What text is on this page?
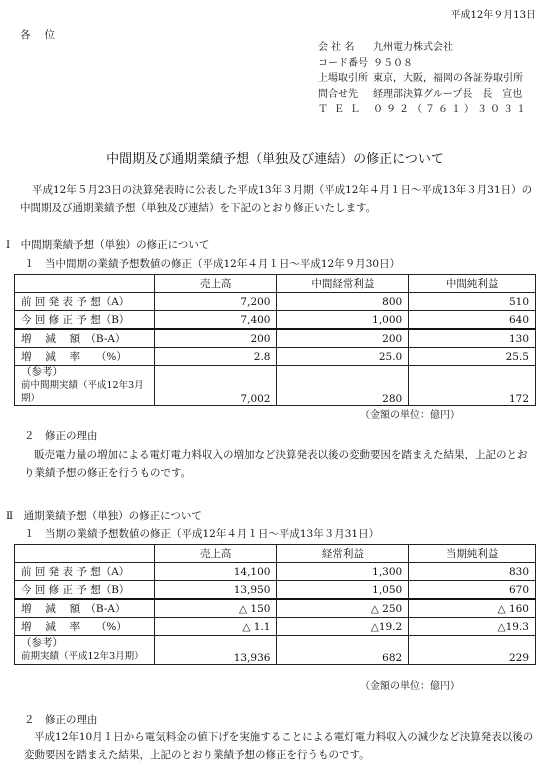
平成12年９月13日
各位
会 社 名	九州電力株式会社
コード番号 ９５０８
上場取引所 東京，大阪，福岡の各証券取引所
問合せ先	経理部決算グループ長　長　宣也
ＴＥＬ ０９２（７６１）３０３１
中間期及び通期業績予想（単独及び連結）の修正について
平成12年５月23日の決算発表時に公表した平成13年３月期（平成12年４月１日～平成13年３月31日）の中間期及び通期業績予想（単独及び連結）を下記のとおり修正いたします。
Ⅰ　中間期業績予想（単独）の修正について
１　当中間期の業績予想数値の修正（平成12年４月１日～平成12年９月30日）
	売上高	中間経常利益	中間純利益
前 回 発 表 予 想（A）	7,200	800	510
今 回 修 正 予 想（B）	7,400	1,000	640
増　 減　 額　（B-A）	200	200	130
増　 減　 率　　（%）	2.8	25.0	25.5

（参考）
前中間期実績（平成12年3月期）	7,002	280	172
（金額の単位：億円）
２　修正の理由
販売電力量の増加による電灯電力料収入の増加など決算発表以後の変動要因を踏まえた結果，上記のとおり業績予想の修正を行うものです。
Ⅱ　通期業績予想（単独）の修正について
１　当期の業績予想数値の修正（平成12年４月１日～平成13年３月31日）
	売上高	経常利益	当期純利益
前 回 発 表 予 想（A）	14,100	1,300	830
今 回 修 正 予 想（B）	13,950	1,050	670
増　 減　 額　（B-A）	△ 150	△ 250	△ 160
増　 減　 率　　（%）	△ 1.1	△19.2	△19.3

（参考）
前期実績（平成12年3月期）	13,936	682	229
（金額の単位：億円）
２　修正の理由
平成12年10月１日から電気料金の値下げを実施することによる電灯電力料収入の減少など決算発表以後の変動要因を踏まえた結果，上記のとおり業績予想の修正を行うものです。
